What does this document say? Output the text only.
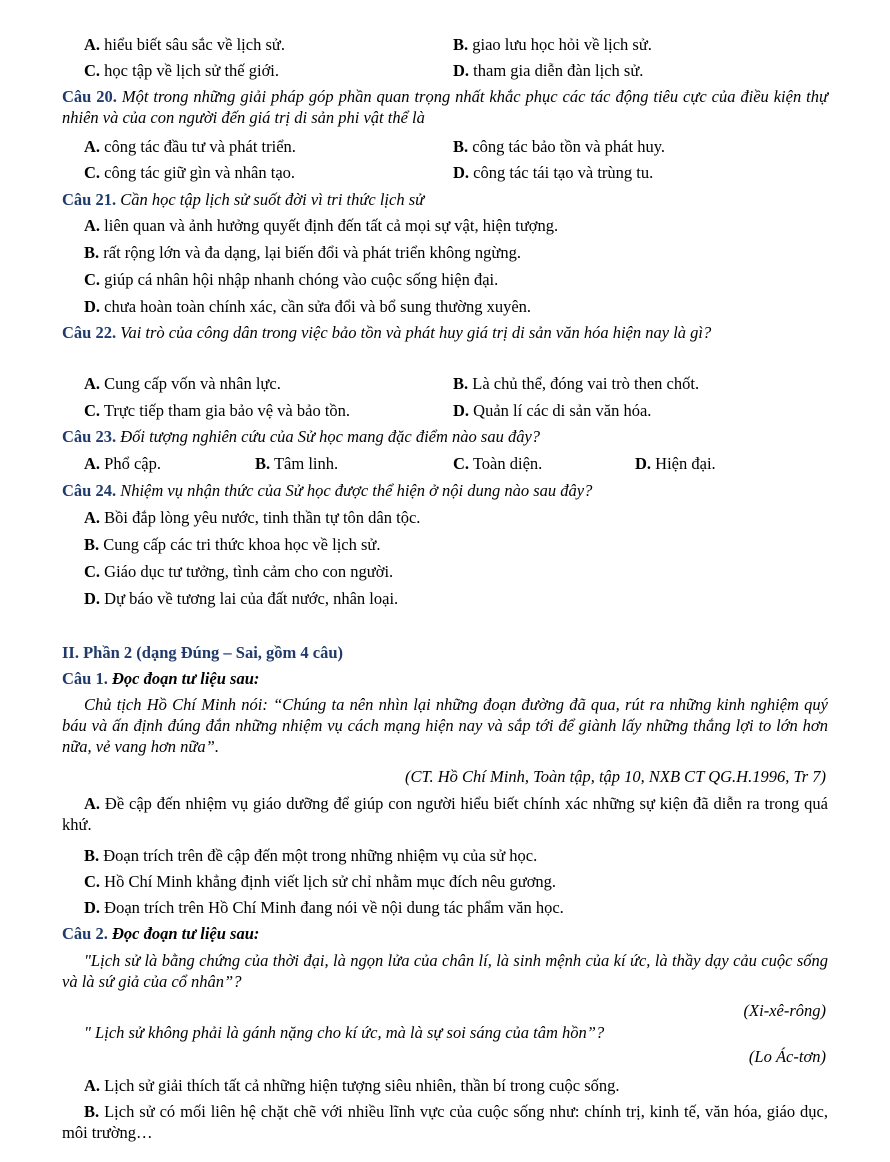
A. hiểu biết sâu sắc về lịch sử.	B. giao lưu học hỏi về lịch sử.
C. học tập về lịch sử thế giới.	D. tham gia diễn đàn lịch sử.
Câu 20. Một trong những giải pháp góp phần quan trọng nhất khắc phục các tác động tiêu cực của điều kiện thự nhiên và của con người đến giá trị di sản phi vật thể là
A. công tác đầu tư và phát triển.	B. công tác bảo tồn và phát huy.
C. công tác giữ gìn và nhân tạo.	D. công tác tái tạo và trùng tu.
Câu 21. Cần học tập lịch sử suốt đời vì tri thức lịch sử
A. liên quan và ảnh hưởng quyết định đến tất cả mọi sự vật, hiện tượng.
B. rất rộng lớn và đa dạng, lại biến đổi và phát triển không ngừng.
C. giúp cá nhân hội nhập nhanh chóng vào cuộc sống hiện đại.
D. chưa hoàn toàn chính xác, cần sửa đổi và bổ sung thường xuyên.
Câu 22. Vai trò của công dân trong việc bảo tồn và phát huy giá trị di sản văn hóa hiện nay là gì?
A. Cung cấp vốn và nhân lực.	B. Là chủ thể, đóng vai trò then chốt.
C. Trực tiếp tham gia bảo vệ và bảo tồn.	D. Quản lí các di sản văn hóa.
Câu 23. Đối tượng nghiên cứu của Sử học mang đặc điểm nào sau đây?
A. Phổ cập.	B. Tâm linh.	C. Toàn diện.	D. Hiện đại.
Câu 24. Nhiệm vụ nhận thức của Sử học được thể hiện ở nội dung nào sau đây?
A. Bồi đắp lòng yêu nước, tinh thần tự tôn dân tộc.
B. Cung cấp các tri thức khoa học về lịch sử.
C. Giáo dục tư tưởng, tình cảm cho con người.
D. Dự báo về tương lai của đất nước, nhân loại.
II. Phần 2 (dạng Đúng – Sai, gồm 4 câu)
Câu 1. Đọc đoạn tư liệu sau:
Chủ tịch Hồ Chí Minh nói: “Chúng ta nên nhìn lại những đoạn đường đã qua, rút ra những kinh nghiệm quý báu và ấn định đúng đắn những nhiệm vụ cách mạng hiện nay và sắp tới để giành lấy những thắng lợi to lớn hơn nữa, vẻ vang hơn nữa”.
(CT. Hồ Chí Minh, Toàn tập, tập 10, NXB CT QG.H.1996, Tr 7)
A. Đề cập đến nhiệm vụ giáo dưỡng để giúp con người hiểu biết chính xác những sự kiện đã diễn ra trong quá khứ.
B. Đoạn trích trên đề cập đến một trong những nhiệm vụ của sử học.
C. Hồ Chí Minh khẳng định viết lịch sử chỉ nhằm mục đích nêu gương.
D. Đoạn trích trên Hồ Chí Minh đang nói về nội dung tác phẩm văn học.
Câu 2. Đọc đoạn tư liệu sau:
"Lịch sử là bằng chứng của thời đại, là ngọn lửa của chân lí, là sinh mệnh của kí ức, là thầy dạy cảu cuộc sống và là sứ giả của cổ nhân”?
(Xi-xê-rông)
" Lịch sử không phải là gánh nặng cho kí ức, mà là sự soi sáng của tâm hồn”?
(Lo Ác-tơn)
A. Lịch sử giải thích tất cả những hiện tượng siêu nhiên, thần bí trong cuộc sống.
B. Lịch sử có mối liên hệ chặt chẽ với nhiều lĩnh vực của cuộc sống như: chính trị, kinh tế, văn hóa, giáo dục, môi trường…
